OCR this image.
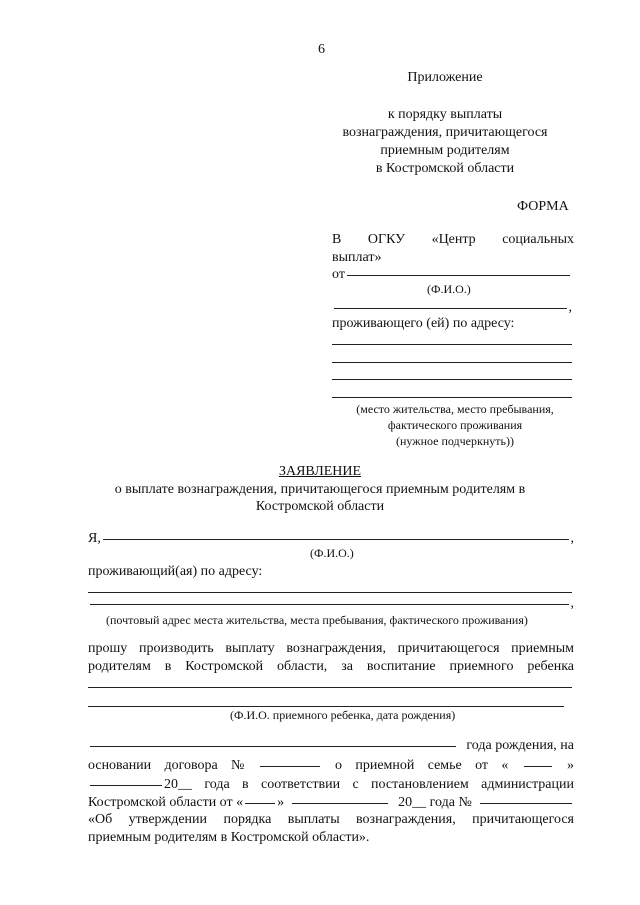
6
Приложение
к порядку выплаты
вознаграждения, причитающегося
приемным родителям
в Костромской области
ФОРМА
В ОГКУ «Центр социальных
выплат»
от
(Ф.И.О.)
,
проживающего (ей) по адресу:
(место жительства, место пребывания,
фактического проживания
(нужное подчеркнуть))
ЗАЯВЛЕНИЕ
о выплате вознаграждения, причитающегося приемным родителям в
Костромской области
Я,	,
(Ф.И.О.)
проживающий(ая) по адресу:
,
(почтовый адрес места жительства, места пребывания, фактического проживания)
прошу производить выплату вознаграждения, причитающегося приемным
родителям в Костромской области, за воспитание приемного ребенка
(Ф.И.О. приемного ребенка, дата рождения)
года рождения, на
основании договора №	о приемной семье от «	»
20__ года в соответствии с постановлением администрации
Костромской области от « »	20__ года №
«Об утверждении порядка выплаты вознаграждения, причитающегося
приемным родителям в Костромской области».
